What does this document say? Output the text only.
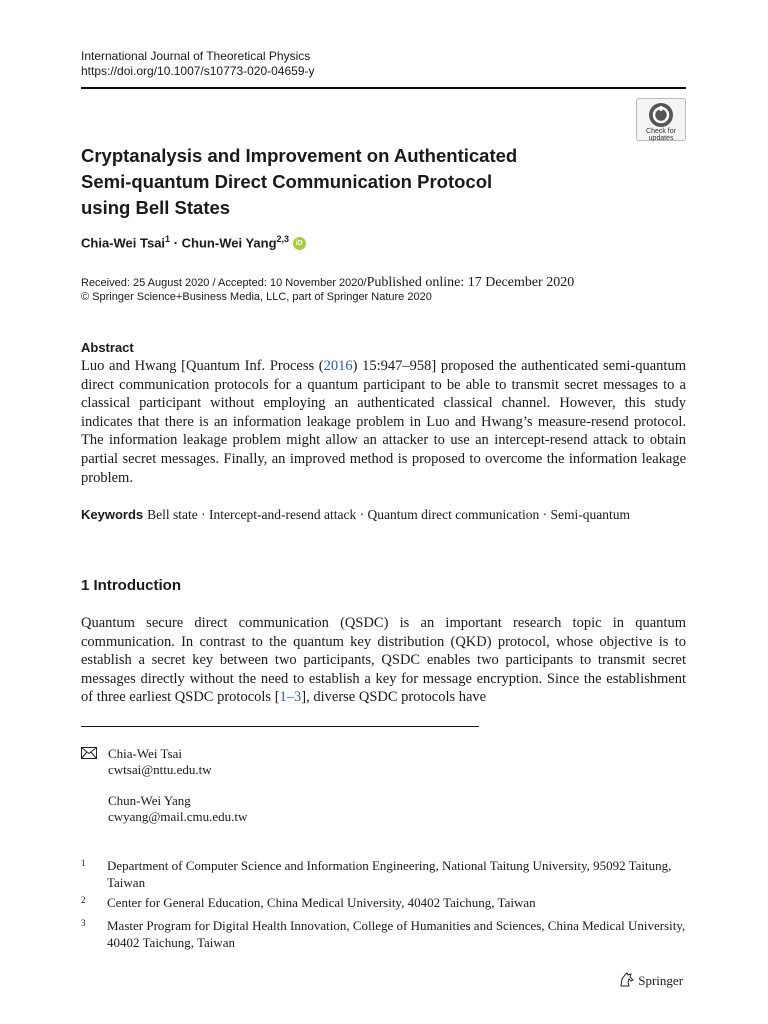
International Journal of Theoretical Physics
https://doi.org/10.1007/s10773-020-04659-y
Check for
updates
Cryptanalysis and Improvement on Authenticated
Semi-quantum Direct Communication Protocol
using Bell States
Chia-Wei Tsai$^1$ · Chun-Wei Yang$^{2,3}$ iD
Received: 25 August 2020 / Accepted: 10 November 2020/Published online: 17 December 2020
© Springer Science+Business Media, LLC, part of Springer Nature 2020
Abstract
Luo and Hwang [Quantum Inf. Process (2016) 15:947–958] proposed the authenticated semi-quantum direct communication protocols for a quantum participant to be able to transmit secret messages to a classical participant without employing an authenticated classical channel. However, this study indicates that there is an information leakage problem in Luo and Hwang’s measure-resend protocol. The information leakage problem might allow an attacker to use an intercept-resend attack to obtain partial secret messages. Finally, an improved method is proposed to overcome the information leakage problem.
Keywords Bell state · Intercept-and-resend attack · Quantum direct communication · Semi-quantum
1 Introduction
Quantum secure direct communication (QSDC) is an important research topic in quantum communication. In contrast to the quantum key distribution (QKD) protocol, whose objective is to establish a secret key between two participants, QSDC enables two participants to transmit secret messages directly without the need to establish a key for message encryption. Since the establishment of three earliest QSDC protocols [1–3], diverse QSDC protocols have
Chia-Wei Tsai
cwtsai@nttu.edu.tw
Chun-Wei Yang
cwyang@mail.cmu.edu.tw
1 Department of Computer Science and Information Engineering, National Taitung University, 95092 Taitung, Taiwan
2 Center for General Education, China Medical University, 40402 Taichung, Taiwan
3 Master Program for Digital Health Innovation, College of Humanities and Sciences, China Medical University, 40402 Taichung, Taiwan
Springer
